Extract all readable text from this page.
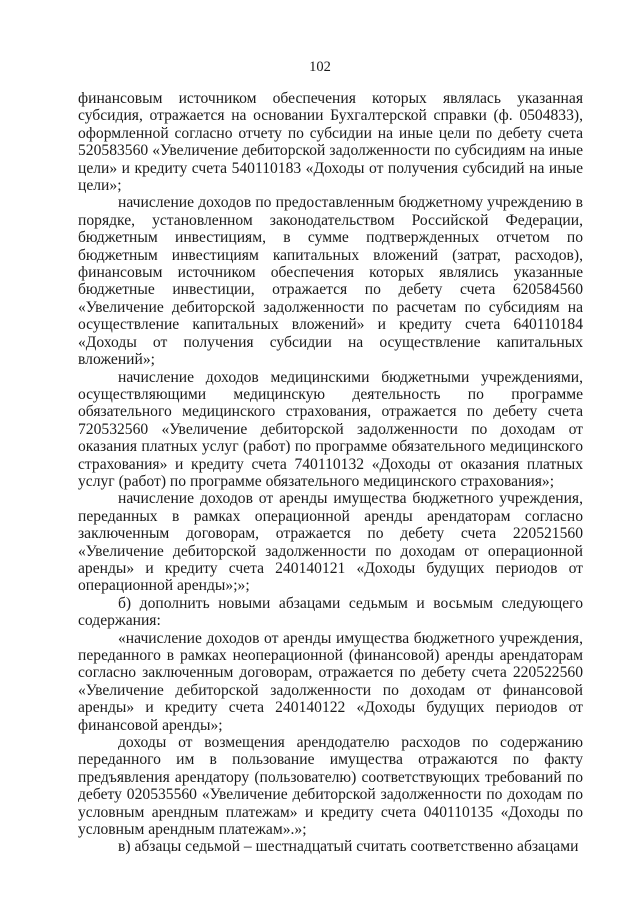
102

финансовым источником обеспечения которых являлась указанная субсидия, отражается на основании Бухгалтерской справки (ф. 0504833), оформленной согласно отчету по субсидии на иные цели по дебету счета 520583560 «Увеличение дебиторской задолженности по субсидиям на иные цели» и кредиту счета 540110183 «Доходы от получения субсидий на иные цели»;

начисление доходов по предоставленным бюджетному учреждению в порядке, установленном законодательством Российской Федерации, бюджетным инвестициям, в сумме подтвержденных отчетом по бюджетным инвестициям капитальных вложений (затрат, расходов), финансовым источником обеспечения которых являлись указанные бюджетные инвестиции, отражается по дебету счета 620584560 «Увеличение дебиторской задолженности по расчетам по субсидиям на осуществление капитальных вложений» и кредиту счета 640110184 «Доходы от получения субсидии на осуществление капитальных вложений»;

начисление доходов медицинскими бюджетными учреждениями, осуществляющими медицинскую деятельность по программе обязательного медицинского страхования, отражается по дебету счета 720532560 «Увеличение дебиторской задолженности по доходам от оказания платных услуг (работ) по программе обязательного медицинского страхования» и кредиту счета 740110132 «Доходы от оказания платных услуг (работ) по программе обязательного медицинского страхования»;

начисление доходов от аренды имущества бюджетного учреждения, переданных в рамках операционной аренды арендаторам согласно заключенным договорам, отражается по дебету счета 220521560 «Увеличение дебиторской задолженности по доходам от операционной аренды» и кредиту счета 240140121 «Доходы будущих периодов от операционной аренды»;»;

б) дополнить новыми абзацами седьмым и восьмым следующего содержания:

«начисление доходов от аренды имущества бюджетного учреждения, переданного в рамках неоперационной (финансовой) аренды арендаторам согласно заключенным договорам, отражается по дебету счета 220522560 «Увеличение дебиторской задолженности по доходам от финансовой аренды» и кредиту счета 240140122 «Доходы будущих периодов от финансовой аренды»;

доходы от возмещения арендодателю расходов по содержанию переданного им в пользование имущества отражаются по факту предъявления арендатору (пользователю) соответствующих требований по дебету 020535560 «Увеличение дебиторской задолженности по доходам по условным арендным платежам» и кредиту счета 040110135 «Доходы по условным арендным платежам».»;

в) абзацы седьмой – шестнадцатый считать соответственно абзацами
